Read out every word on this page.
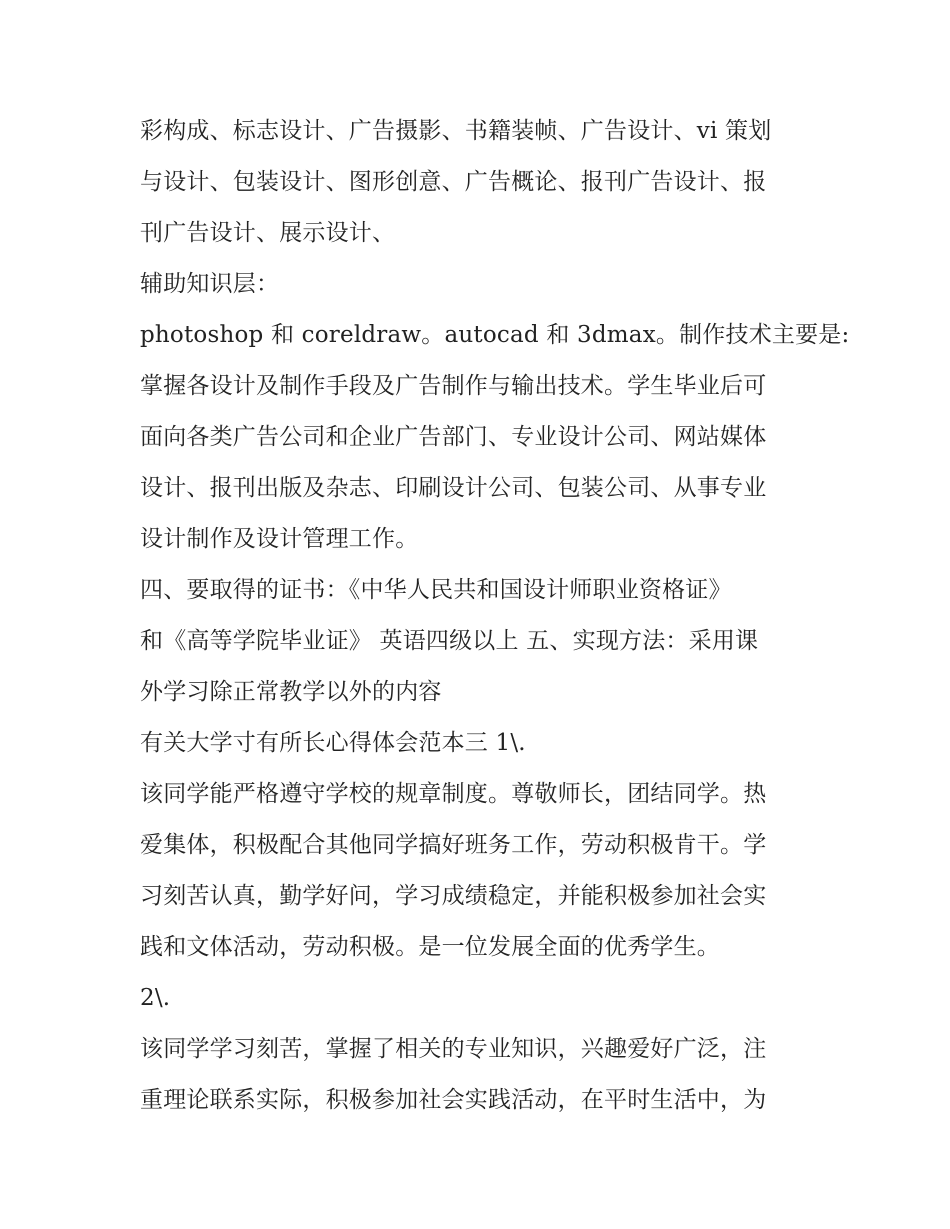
彩构成、标志设计、广告摄影、书籍装帧、广告设计、vi 策划
与设计、包装设计、图形创意、广告概论、报刊广告设计、报
刊广告设计、展示设计、
辅助知识层：
photoshop 和 coreldraw。autocad 和 3dmax。制作技术主要是:
掌握各设计及制作手段及广告制作与输出技术。学生毕业后可
面向各类广告公司和企业广告部门、专业设计公司、网站媒体
设计、报刊出版及杂志、印刷设计公司、包装公司、从事专业
设计制作及设计管理工作。
四、要取得的证书：《中华人民共和国设计师职业资格证》
和《高等学院毕业证》 英语四级以上 五、实现方法：采用课
外学习除正常教学以外的内容
有关大学寸有所长心得体会范本三 1\.
该同学能严格遵守学校的规章制度。尊敬师长，团结同学。热
爱集体，积极配合其他同学搞好班务工作，劳动积极肯干。学
习刻苦认真，勤学好问，学习成绩稳定，并能积极参加社会实
践和文体活动，劳动积极。是一位发展全面的优秀学生。
2\.
该同学学习刻苦，掌握了相关的专业知识，兴趣爱好广泛，注
重理论联系实际，积极参加社会实践活动，在平时生活中，为
